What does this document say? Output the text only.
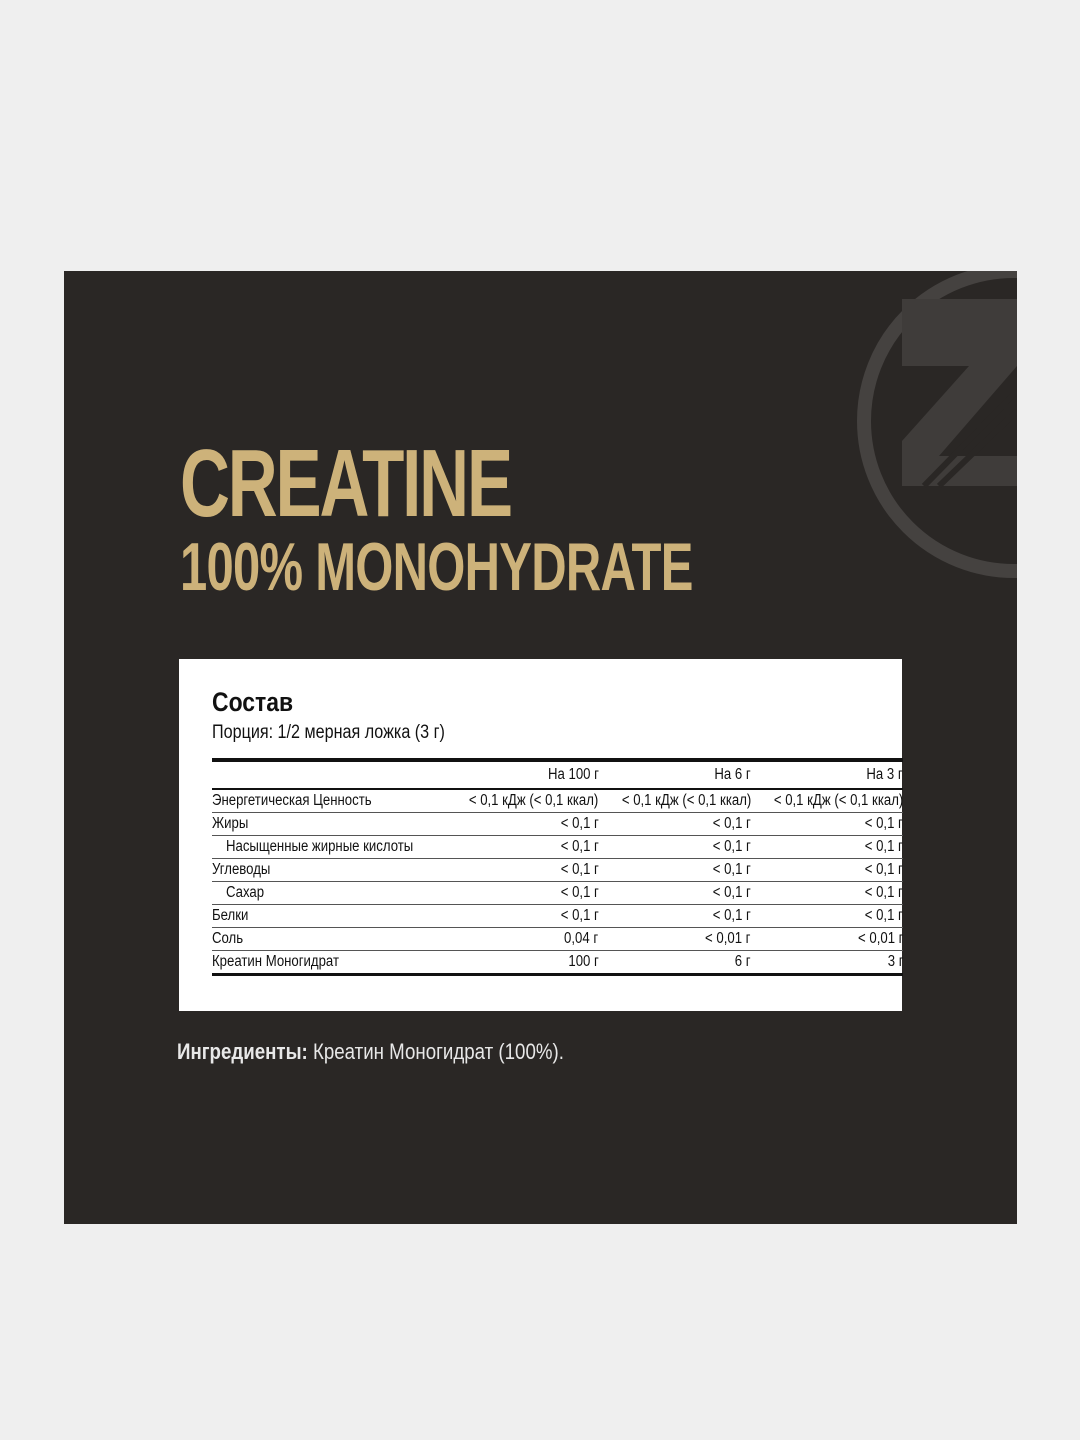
CREATINE
100% MONOHYDRATE
Состав
Порция: 1/2 мерная ложка (3 г)
	На 100 г	На 6 г	На 3 г
Энергетическая Ценность	< 0,1 кДж (< 0,1 ккал)	< 0,1 кДж (< 0,1 ккал)	< 0,1 кДж (< 0,1 ккал)
Жиры	< 0,1 г	< 0,1 г	< 0,1 г
Насыщенные жирные кислоты	< 0,1 г	< 0,1 г	< 0,1 г
Углеводы	< 0,1 г	< 0,1 г	< 0,1 г
Сахар	< 0,1 г	< 0,1 г	< 0,1 г
Белки	< 0,1 г	< 0,1 г	< 0,1 г
Соль	0,04 г	< 0,01 г	< 0,01 г
Креатин Моногидрат	100 г	6 г	3 г
Ингредиенты: Креатин Моногидрат (100%).
